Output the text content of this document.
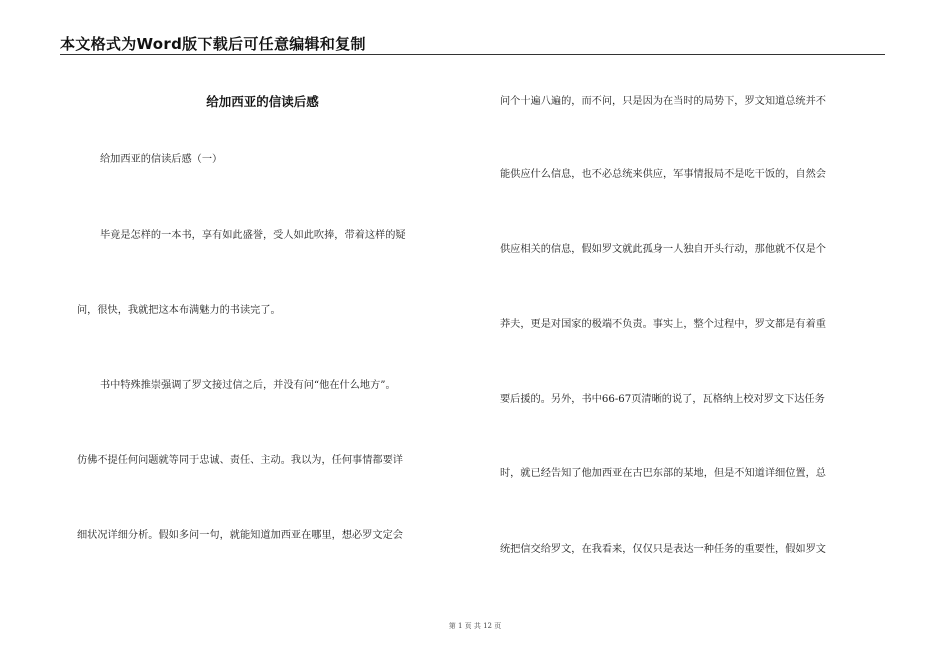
本文格式为Word版下载后可任意编辑和复制
给加西亚的信读后感
给加西亚的信读后感（一）
毕竟是怎样的一本书，享有如此盛誉，受人如此吹捧，带着这样的疑
问，很快，我就把这本布满魅力的书读完了。
书中特殊推崇强调了罗文接过信之后，并没有问“他在什么地方”。
仿佛不提任何问题就等同于忠诚、责任、主动。我以为，任何事情都要详
细状况详细分析。假如多问一句，就能知道加西亚在哪里，想必罗文定会
问个十遍八遍的，而不问，只是因为在当时的局势下，罗文知道总统并不
能供应什么信息，也不必总统来供应，军事情报局不是吃干饭的，自然会
供应相关的信息，假如罗文就此孤身一人独自开头行动，那他就不仅是个
莽夫，更是对国家的极端不负责。事实上，整个过程中，罗文都是有着重
要后援的。另外，书中66-67页清晰的说了，瓦格纳上校对罗文下达任务
时，就已经告知了他加西亚在古巴东部的某地，但是不知道详细位置，总
统把信交给罗文，在我看来，仅仅只是表达一种任务的重要性，假如罗文
第 1 页 共 12 页
